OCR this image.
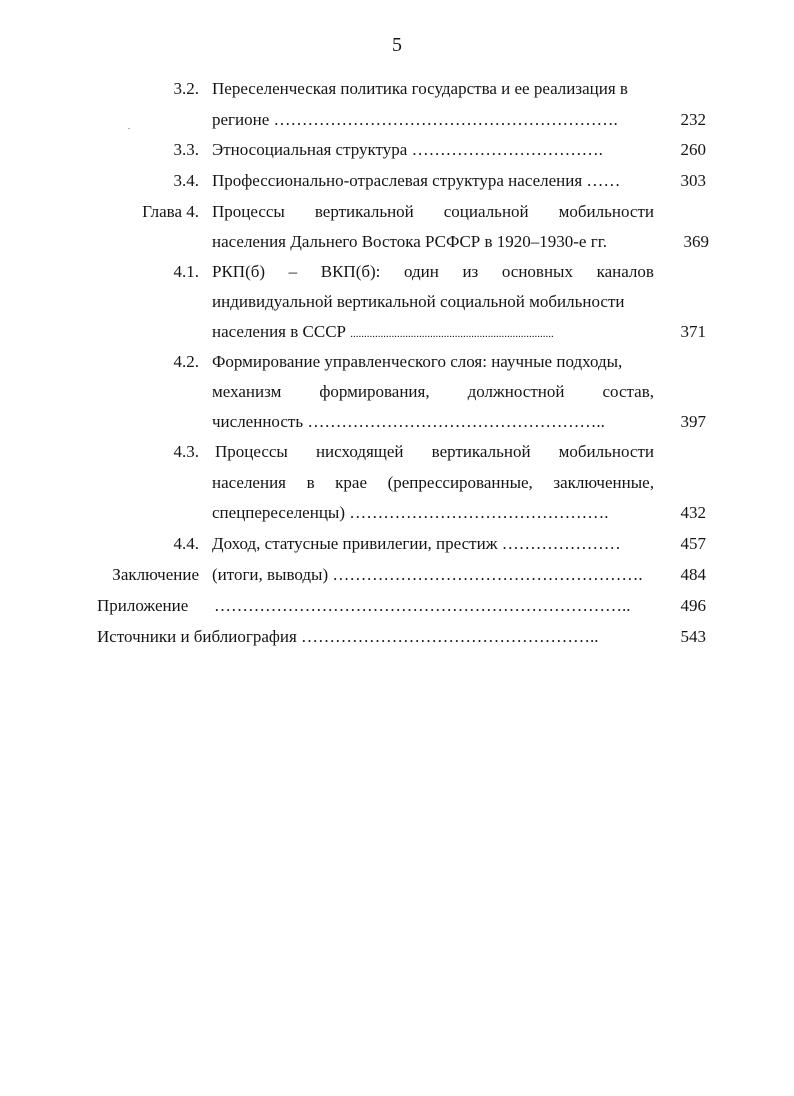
5
3.2. Переселенческая политика государства и ее реализация в
регионе …………………………………………………….	232
3.3. Этносоциальная структура …………………………….	260
3.4. Профессионально-отраслевая структура населения ……	303
Глава 4. Процессы вертикальной социальной мобильности
населения Дальнего Востока РСФСР в 1920–1930-е гг.	369
4.1. РКП(б) – ВКП(б): один из основных каналов
индивидуальной вертикальной социальной мобильности
населения в СССР ..........................................................................	371
4.2. Формирование управленческого слоя: научные подходы,
механизм формирования, должностной состав,
численность ……………………………………………..	397
4.3. Процессы нисходящей вертикальной мобильности
населения в крае (репрессированные, заключенные,
спецпереселенцы) ……………………………………….	432
4.4. Доход, статусные привилегии, престиж …………………	457
Заключение (итоги, выводы) ……………………………………………….	484
Приложение ………………………………………………………………..	496
Источники и библиография ……………………………………………..	543
